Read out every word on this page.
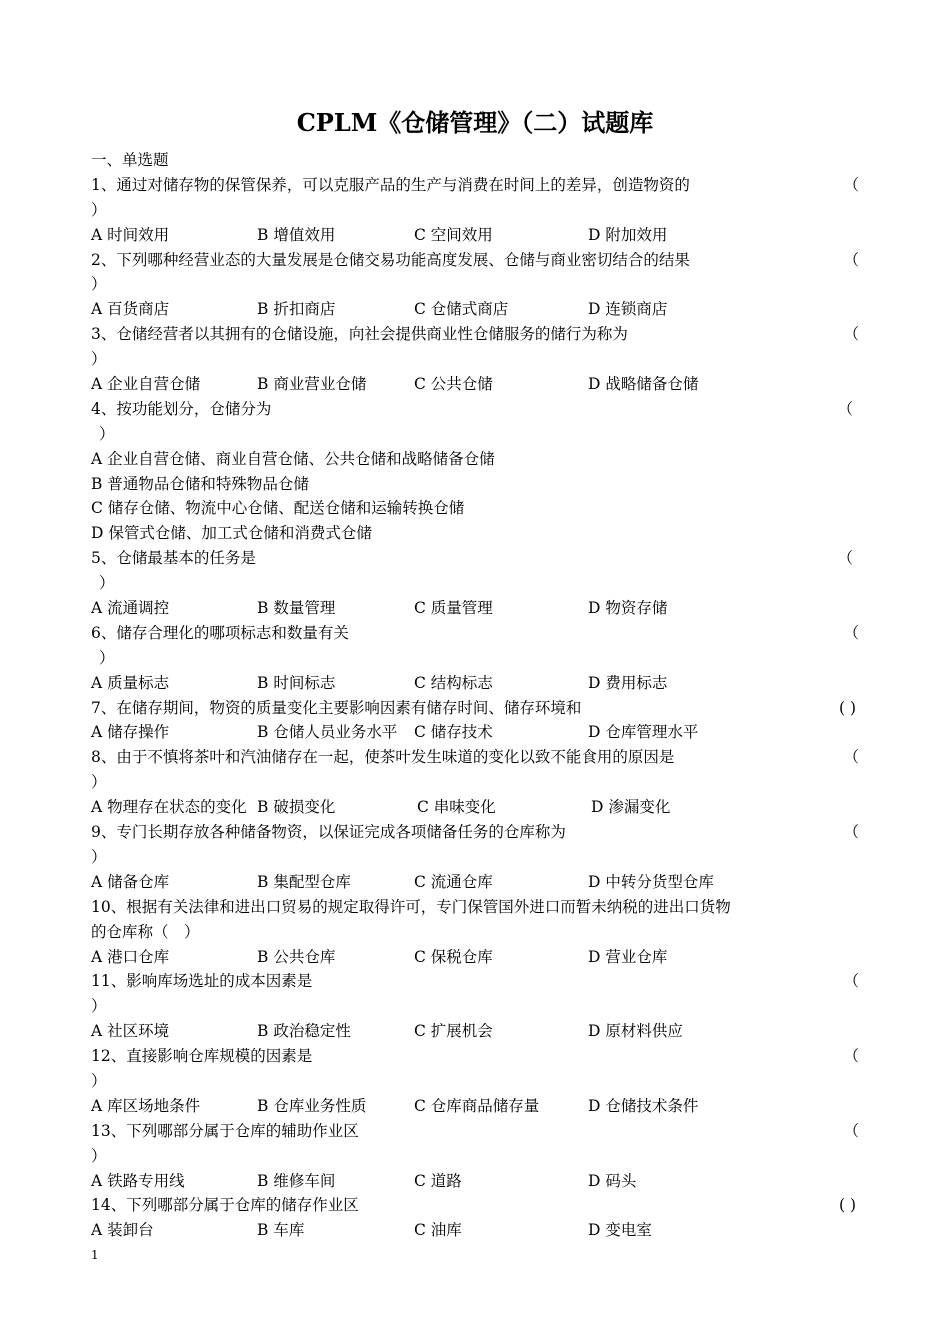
CPLM《仓储管理》（二）试题库
一、单选题
1、通过对储存物的保管保养，可以克服产品的生产与消费在时间上的差异，创造物资的	（
）
A 时间效用	B 增值效用	C 空间效用	D 附加效用
2、下列哪种经营业态的大量发展是仓储交易功能高度发展、仓储与商业密切结合的结果	（
）
A 百货商店	B 折扣商店	C 仓储式商店	D 连锁商店
3、仓储经营者以其拥有的仓储设施，向社会提供商业性仓储服务的储行为称为	（
）
A 企业自营仓储	B 商业营业仓储	C 公共仓储	D 战略储备仓储
4、按功能划分，仓储分为	（
）
A 企业自营仓储、商业自营仓储、公共仓储和战略储备仓储
B 普通物品仓储和特殊物品仓储
C 储存仓储、物流中心仓储、配送仓储和运输转换仓储
D 保管式仓储、加工式仓储和消费式仓储
5、仓储最基本的任务是	（
）
A 流通调控	B 数量管理	C 质量管理	D 物资存储
6、储存合理化的哪项标志和数量有关	（
）
A 质量标志	B 时间标志	C 结构标志	D 费用标志
7、在储存期间，物资的质量变化主要影响因素有储存时间、储存环境和	( )
A 储存操作	B 仓储人员业务水平 C 储存技术	D 仓库管理水平
8、由于不慎将茶叶和汽油储存在一起，使茶叶发生味道的变化以致不能食用的原因是	（
）
A 物理存在状态的变化 B 破损变化	C 串味变化	D 渗漏变化
9、专门长期存放各种储备物资，以保证完成各项储备任务的仓库称为	（
）
A 储备仓库	B 集配型仓库	C 流通仓库	D 中转分货型仓库
10、根据有关法律和进出口贸易的规定取得许可，专门保管国外进口而暂未纳税的进出口货物
的仓库称（　）
A 港口仓库	B 公共仓库	C 保税仓库	D 营业仓库
11、影响库场选址的成本因素是	（
）
A 社区环境	B 政治稳定性	C 扩展机会	D 原材料供应
12、直接影响仓库规模的因素是	（
）
A 库区场地条件	B 仓库业务性质	C 仓库商品储存量	D 仓储技术条件
13、下列哪部分属于仓库的辅助作业区	（
）
A 铁路专用线	B 维修车间	C 道路	D 码头
14、下列哪部分属于仓库的储存作业区	( )
A 装卸台	B 车库	C 油库	D 变电室
1
